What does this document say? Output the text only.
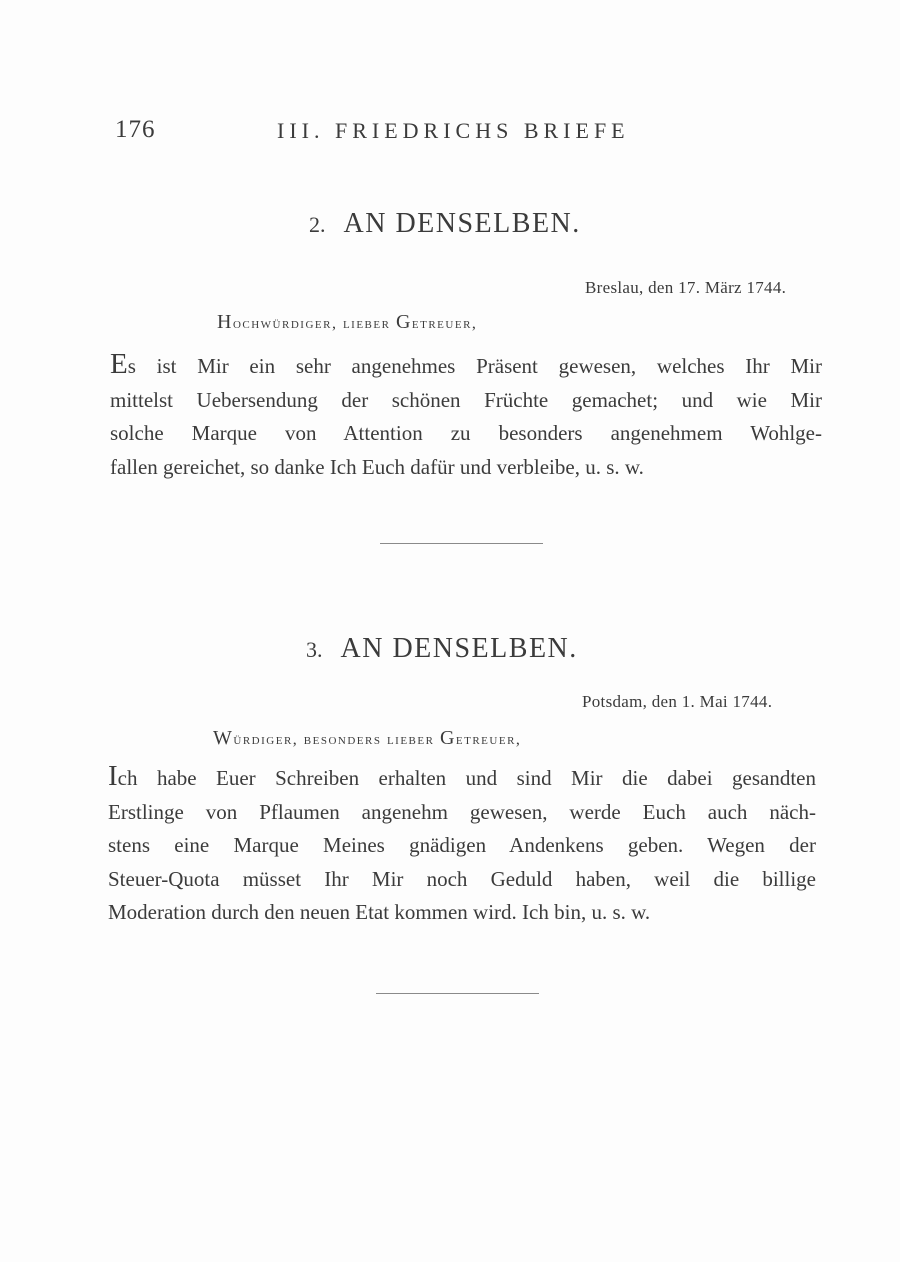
176	III. FRIEDRICHS BRIEFE
2. AN DENSELBEN.
Breslau, den 17. März 1744.
Hochwürdiger, lieber Getreuer,
Es ist Mir ein sehr angenehmes Präsent gewesen, welches Ihr Mir
mittelst Uebersendung der schönen Früchte gemachet; und wie Mir
solche Marque von Attention zu besonders angenehmem Wohlge-
fallen gereichet, so danke Ich Euch dafür und verbleibe, u. s. w.
3. AN DENSELBEN.
Potsdam, den 1. Mai 1744.
Würdiger, besonders lieber Getreuer,
Ich habe Euer Schreiben erhalten und sind Mir die dabei gesandten
Erstlinge von Pflaumen angenehm gewesen, werde Euch auch näch-
stens eine Marque Meines gnädigen Andenkens geben. Wegen der
Steuer-Quota müsset Ihr Mir noch Geduld haben, weil die billige
Moderation durch den neuen Etat kommen wird. Ich bin, u. s. w.
